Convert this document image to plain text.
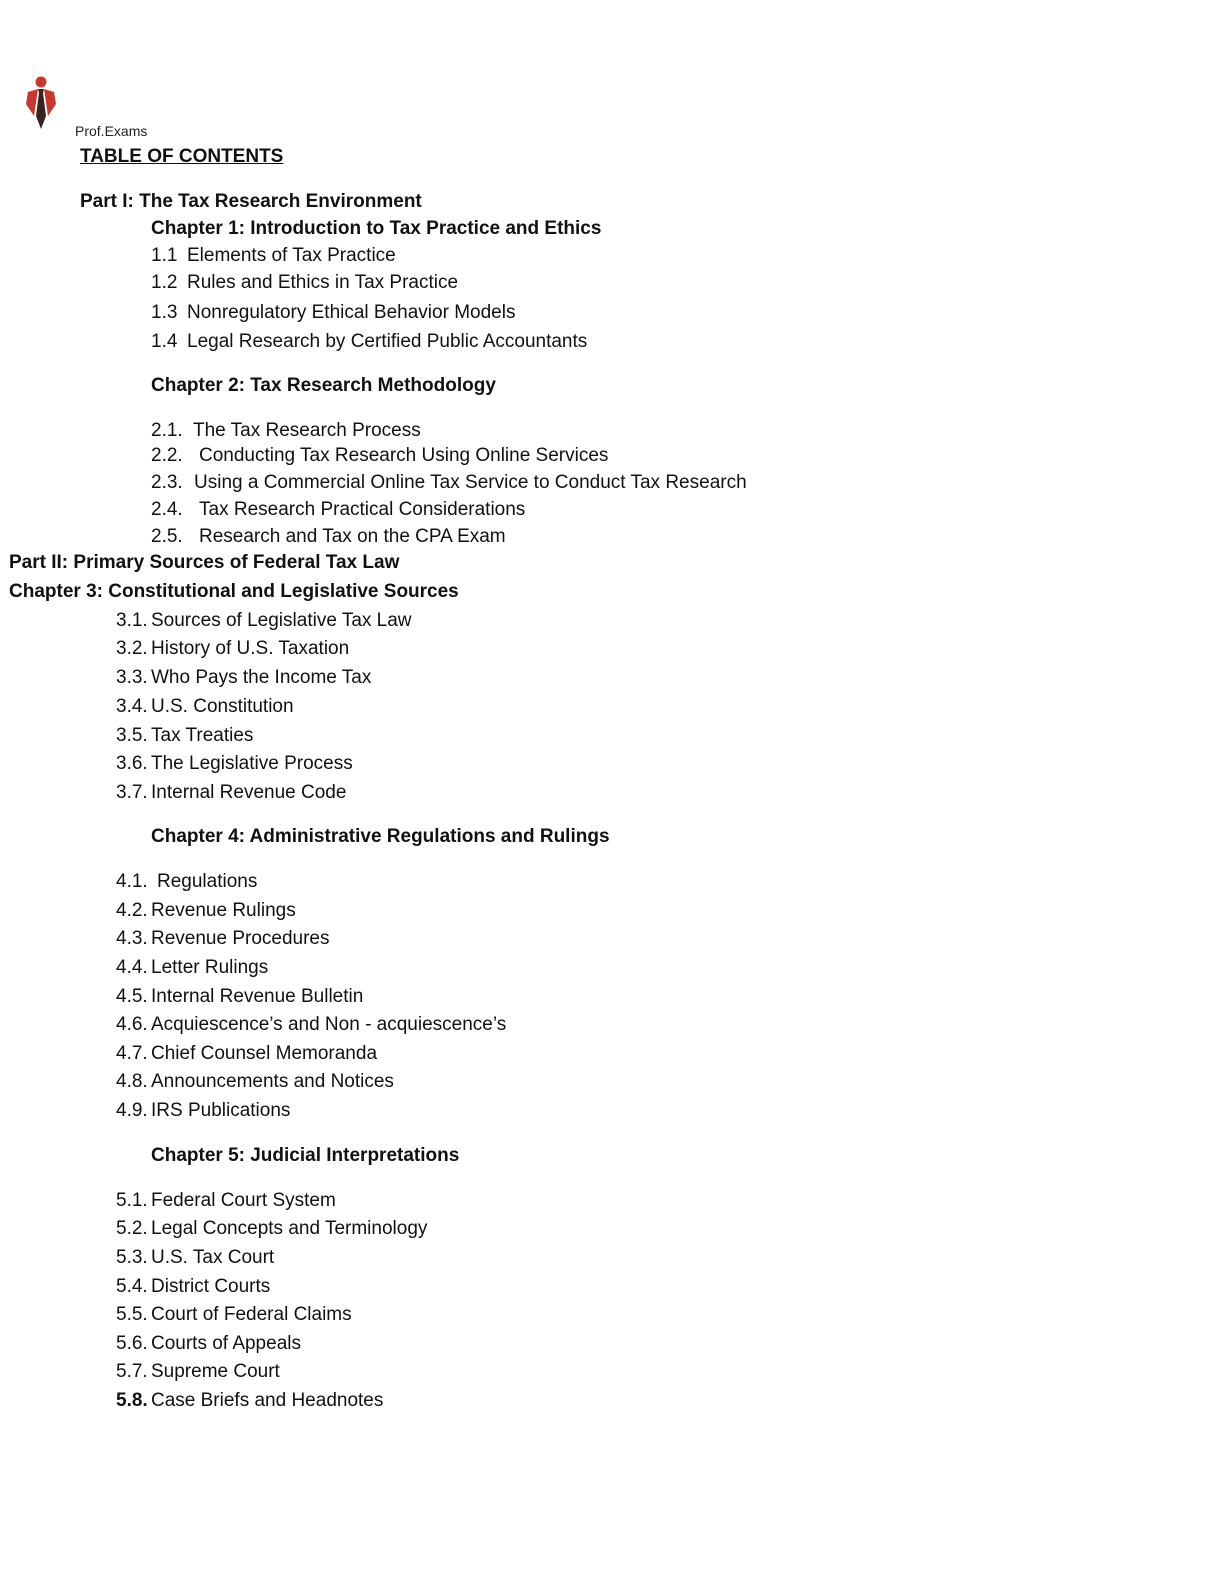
Prof.Exams
TABLE OF CONTENTS
Part I: The Tax Research Environment
Chapter 1: Introduction to Tax Practice and Ethics
1.1 Elements of Tax Practice
1.2 Rules and Ethics in Tax Practice
1.3 Nonregulatory Ethical Behavior Models
1.4 Legal Research by Certified Public Accountants
Chapter 2: Tax Research Methodology
2.1. The Tax Research Process
2.2. Conducting Tax Research Using Online Services
2.3. Using a Commercial Online Tax Service to Conduct Tax Research
2.4. Tax Research Practical Considerations
2.5. Research and Tax on the CPA Exam
Part II: Primary Sources of Federal Tax Law
Chapter 3: Constitutional and Legislative Sources
3.1. Sources of Legislative Tax Law
3.2. History of U.S. Taxation
3.3. Who Pays the Income Tax
3.4. U.S. Constitution
3.5. Tax Treaties
3.6. The Legislative Process
3.7. Internal Revenue Code
Chapter 4: Administrative Regulations and Rulings
4.1. Regulations
4.2. Revenue Rulings
4.3. Revenue Procedures
4.4. Letter Rulings
4.5. Internal Revenue Bulletin
4.6. Acquiescence’s and Non - acquiescence’s
4.7. Chief Counsel Memoranda
4.8. Announcements and Notices
4.9. IRS Publications
Chapter 5: Judicial Interpretations
5.1. Federal Court System
5.2. Legal Concepts and Terminology
5.3. U.S. Tax Court
5.4. District Courts
5.5. Court of Federal Claims
5.6. Courts of Appeals
5.7. Supreme Court
5.8. Case Briefs and Headnotes
